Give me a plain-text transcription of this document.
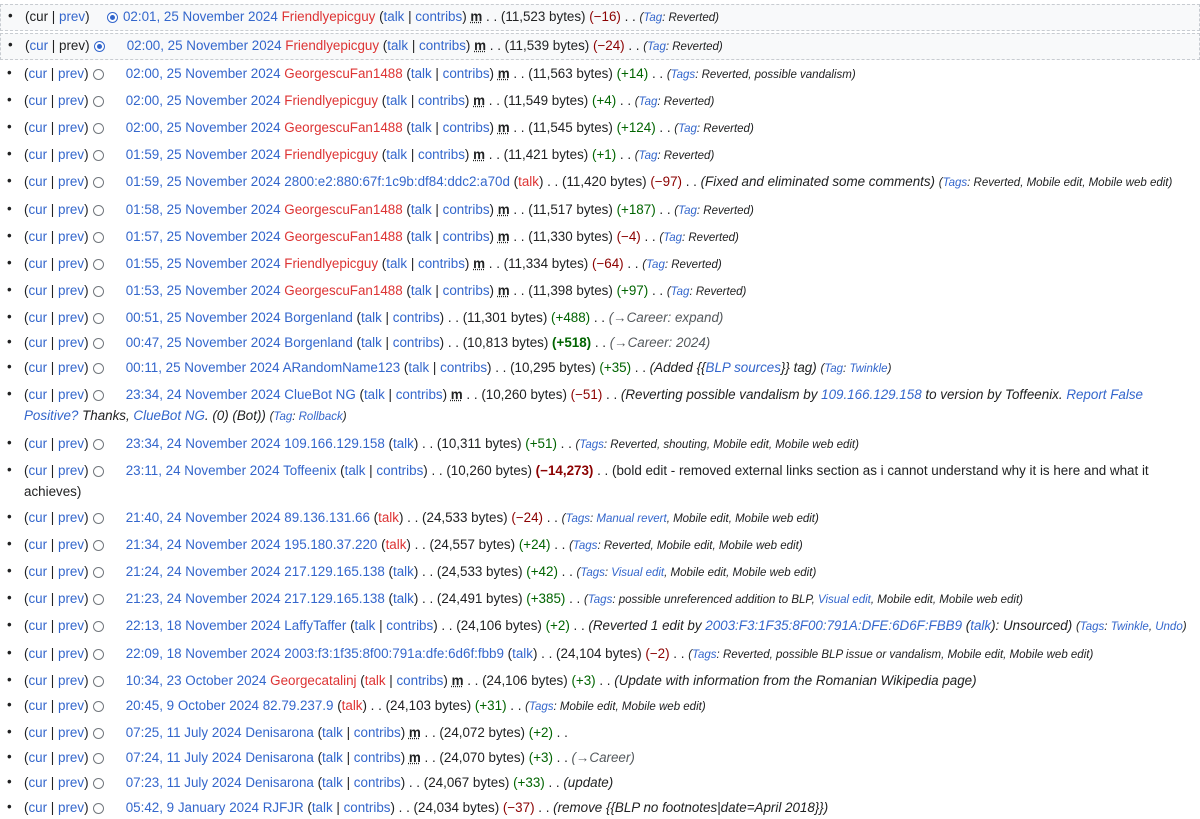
• (cur | prev)  02:01, 25 November 2024 Friendlyepicguy (talk | contribs) m . . (11,523 bytes) (−16) . . (Tag: Reverted)
• (cur | prev)   02:00, 25 November 2024 Friendlyepicguy (talk | contribs) m . . (11,539 bytes) (−24) . . (Tag: Reverted)
• (cur | prev)   02:00, 25 November 2024 GeorgescuFan1488 (talk | contribs) m . . (11,563 bytes) (+14) . . (Tags: Reverted, possible vandalism)
• (cur | prev)   02:00, 25 November 2024 Friendlyepicguy (talk | contribs) m . . (11,549 bytes) (+4) . . (Tag: Reverted)
• (cur | prev)   02:00, 25 November 2024 GeorgescuFan1488 (talk | contribs) m . . (11,545 bytes) (+124) . . (Tag: Reverted)
• (cur | prev)   01:59, 25 November 2024 Friendlyepicguy (talk | contribs) m . . (11,421 bytes) (+1) . . (Tag: Reverted)
• (cur | prev)   01:59, 25 November 2024 2800:e2:880:67f:1c9b:df84:ddc2:a70d (talk) . . (11,420 bytes) (−97) . . (Fixed and eliminated some comments) (Tags: Reverted, Mobile edit, Mobile web edit)
• (cur | prev)   01:58, 25 November 2024 GeorgescuFan1488 (talk | contribs) m . . (11,517 bytes) (+187) . . (Tag: Reverted)
• (cur | prev)   01:57, 25 November 2024 GeorgescuFan1488 (talk | contribs) m . . (11,330 bytes) (−4) . . (Tag: Reverted)
• (cur | prev)   01:55, 25 November 2024 Friendlyepicguy (talk | contribs) m . . (11,334 bytes) (−64) . . (Tag: Reverted)
• (cur | prev)   01:53, 25 November 2024 GeorgescuFan1488 (talk | contribs) m . . (11,398 bytes) (+97) . . (Tag: Reverted)
• (cur | prev)   00:51, 25 November 2024 Borgenland (talk | contribs) . . (11,301 bytes) (+488) . . (→Career: expand)
• (cur | prev)   00:47, 25 November 2024 Borgenland (talk | contribs) . . (10,813 bytes) (+518) . . (→Career: 2024)
• (cur | prev)   00:11, 25 November 2024 ARandomName123 (talk | contribs) . . (10,295 bytes) (+35) . . (Added {{BLP sources}} tag) (Tag: Twinkle)
• (cur | prev)   23:34, 24 November 2024 ClueBot NG (talk | contribs) m . . (10,260 bytes) (−51) . . (Reverting possible vandalism by 109.166.129.158 to version by Toffeenix. Report False Positive? Thanks, ClueBot NG. (0) (Bot)) (Tag: Rollback)
• (cur | prev)   23:34, 24 November 2024 109.166.129.158 (talk) . . (10,311 bytes) (+51) . . (Tags: Reverted, shouting, Mobile edit, Mobile web edit)
• (cur | prev)   23:11, 24 November 2024 Toffeenix (talk | contribs) . . (10,260 bytes) (−14,273) . . (bold edit - removed external links section as i cannot understand why it is here and what it achieves)
• (cur | prev)   21:40, 24 November 2024 89.136.131.66 (talk) . . (24,533 bytes) (−24) . . (Tags: Manual revert, Mobile edit, Mobile web edit)
• (cur | prev)   21:34, 24 November 2024 195.180.37.220 (talk) . . (24,557 bytes) (+24) . . (Tags: Reverted, Mobile edit, Mobile web edit)
• (cur | prev)   21:24, 24 November 2024 217.129.165.138 (talk) . . (24,533 bytes) (+42) . . (Tags: Visual edit, Mobile edit, Mobile web edit)
• (cur | prev)   21:23, 24 November 2024 217.129.165.138 (talk) . . (24,491 bytes) (+385) . . (Tags: possible unreferenced addition to BLP, Visual edit, Mobile edit, Mobile web edit)
• (cur | prev)   22:13, 18 November 2024 LaffyTaffer (talk | contribs) . . (24,106 bytes) (+2) . . (Reverted 1 edit by 2003:F3:1F35:8F00:791A:DFE:6D6F:FBB9 (talk): Unsourced) (Tags: Twinkle, Undo)
• (cur | prev)   22:09, 18 November 2024 2003:f3:1f35:8f00:791a:dfe:6d6f:fbb9 (talk) . . (24,104 bytes) (−2) . . (Tags: Reverted, possible BLP issue or vandalism, Mobile edit, Mobile web edit)
• (cur | prev)   10:34, 23 October 2024 Georgecatalinj (talk | contribs) m . . (24,106 bytes) (+3) . . (Update with information from the Romanian Wikipedia page)
• (cur | prev)   20:45, 9 October 2024 82.79.237.9 (talk) . . (24,103 bytes) (+31) . . (Tags: Mobile edit, Mobile web edit)
• (cur | prev)   07:25, 11 July 2024 Denisarona (talk | contribs) m . . (24,072 bytes) (+2) . .
• (cur | prev)   07:24, 11 July 2024 Denisarona (talk | contribs) m . . (24,070 bytes) (+3) . . (→Career)
• (cur | prev)   07:23, 11 July 2024 Denisarona (talk | contribs) . . (24,067 bytes) (+33) . . (update)
• (cur | prev)   05:42, 9 January 2024 RJFJR (talk | contribs) . . (24,034 bytes) (−37) . . (remove {{BLP no footnotes|date=April 2018}})
